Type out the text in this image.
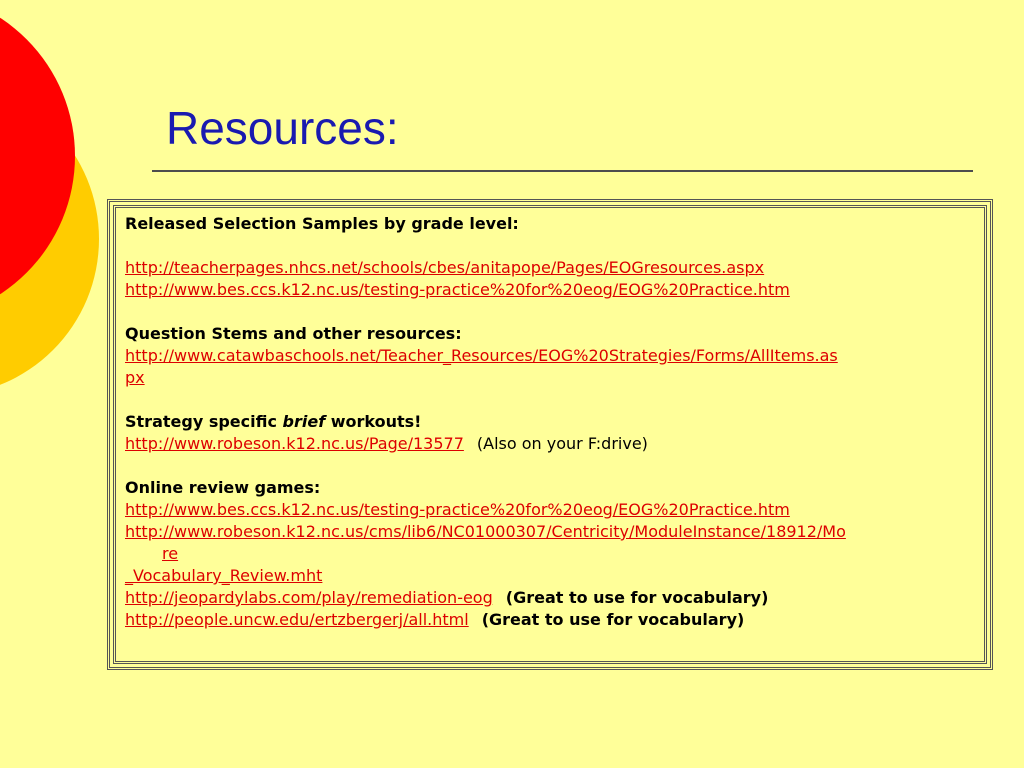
Resources:
Released Selection Samples by grade level:
http://teacherpages.nhcs.net/schools/cbes/anitapope/Pages/EOGresources.aspx
http://www.bes.ccs.k12.nc.us/testing-practice%20for%20eog/EOG%20Practice.htm
Question Stems and other resources:
http://www.catawbaschools.net/Teacher_Resources/EOG%20Strategies/Forms/AllItems.as
px
Strategy specific brief workouts!
http://www.robeson.k12.nc.us/Page/13577 (Also on your F:drive)
Online review games:
http://www.bes.ccs.k12.nc.us/testing-practice%20for%20eog/EOG%20Practice.htm
http://www.robeson.k12.nc.us/cms/lib6/NC01000307/Centricity/ModuleInstance/18912/Mo
re
_Vocabulary_Review.mht
http://jeopardylabs.com/play/remediation-eog (Great to use for vocabulary)
http://people.uncw.edu/ertzbergerj/all.html (Great to use for vocabulary)
